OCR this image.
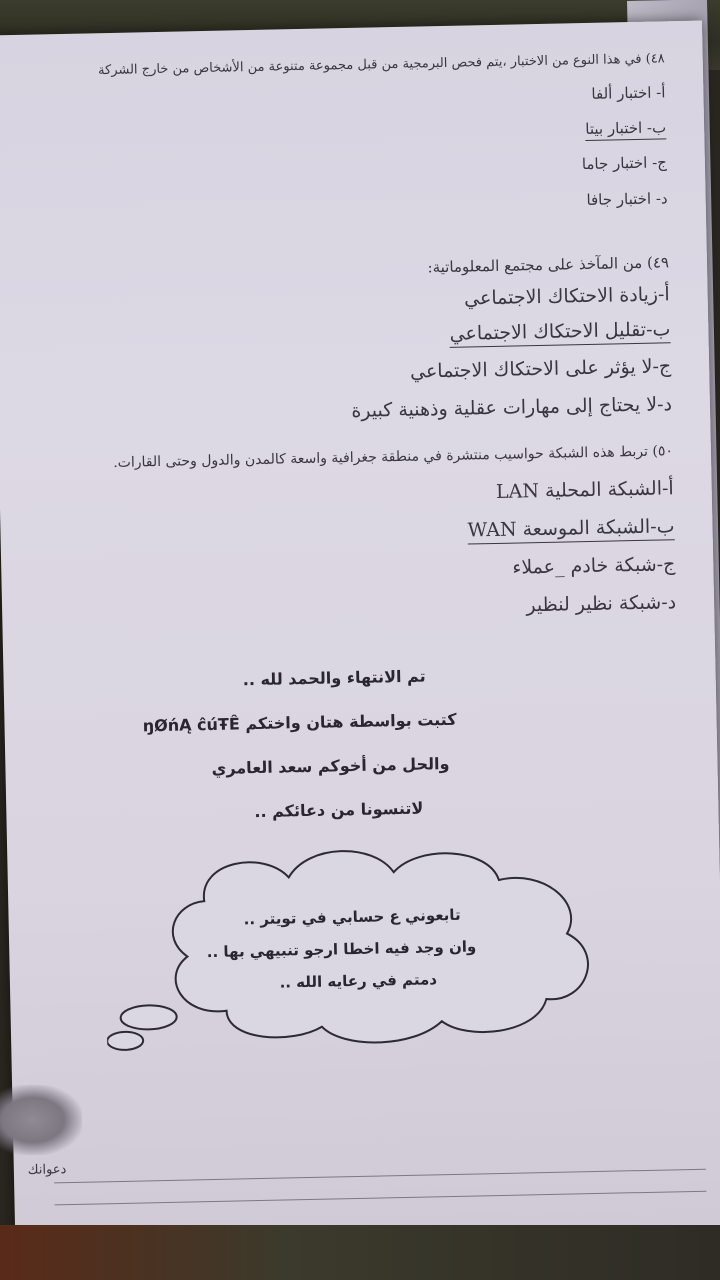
٤٨) في هذا النوع من الاختبار ،يتم فحص البرمجية من قبل مجموعة متنوعة من الأشخاص من خارج الشركة
أ- اختبار ألفا
ب- اختبار بيتا
ج- اختبار جاما
د- اختبار جافا
٤٩) من المآخذ على مجتمع المعلوماتية:
أ-زيادة الاحتكاك الاجتماعي
ب-تقليل الاحتكاك الاجتماعي
ج-لا يؤثر على الاحتكاك الاجتماعي
د-لا يحتاج إلى مهارات عقلية وذهنية كبيرة
٥٠) تربط هذه الشبكة حواسيب منتشرة في منطقة جغرافية واسعة كالمدن والدول وحتى القارات.
أ-الشبكة المحلية LAN
ب-الشبكة الموسعة WAN
ج-شبكة خادم _عملاء
د-شبكة نظير لنظير
تم الانتهاء والحمد لله ..
كتبت بواسطة هتان واختكم ŋØńĄ ĉúŦÊ
والحل من أخوكم سعد العامري
لاتنسونا من دعائكم ..
تابعوني ع حسابي في تويتر ..
وان وجد فيه اخطا ارجو تنبيهي بها ..
دمتم في رعايه الله ..
دعوانك
